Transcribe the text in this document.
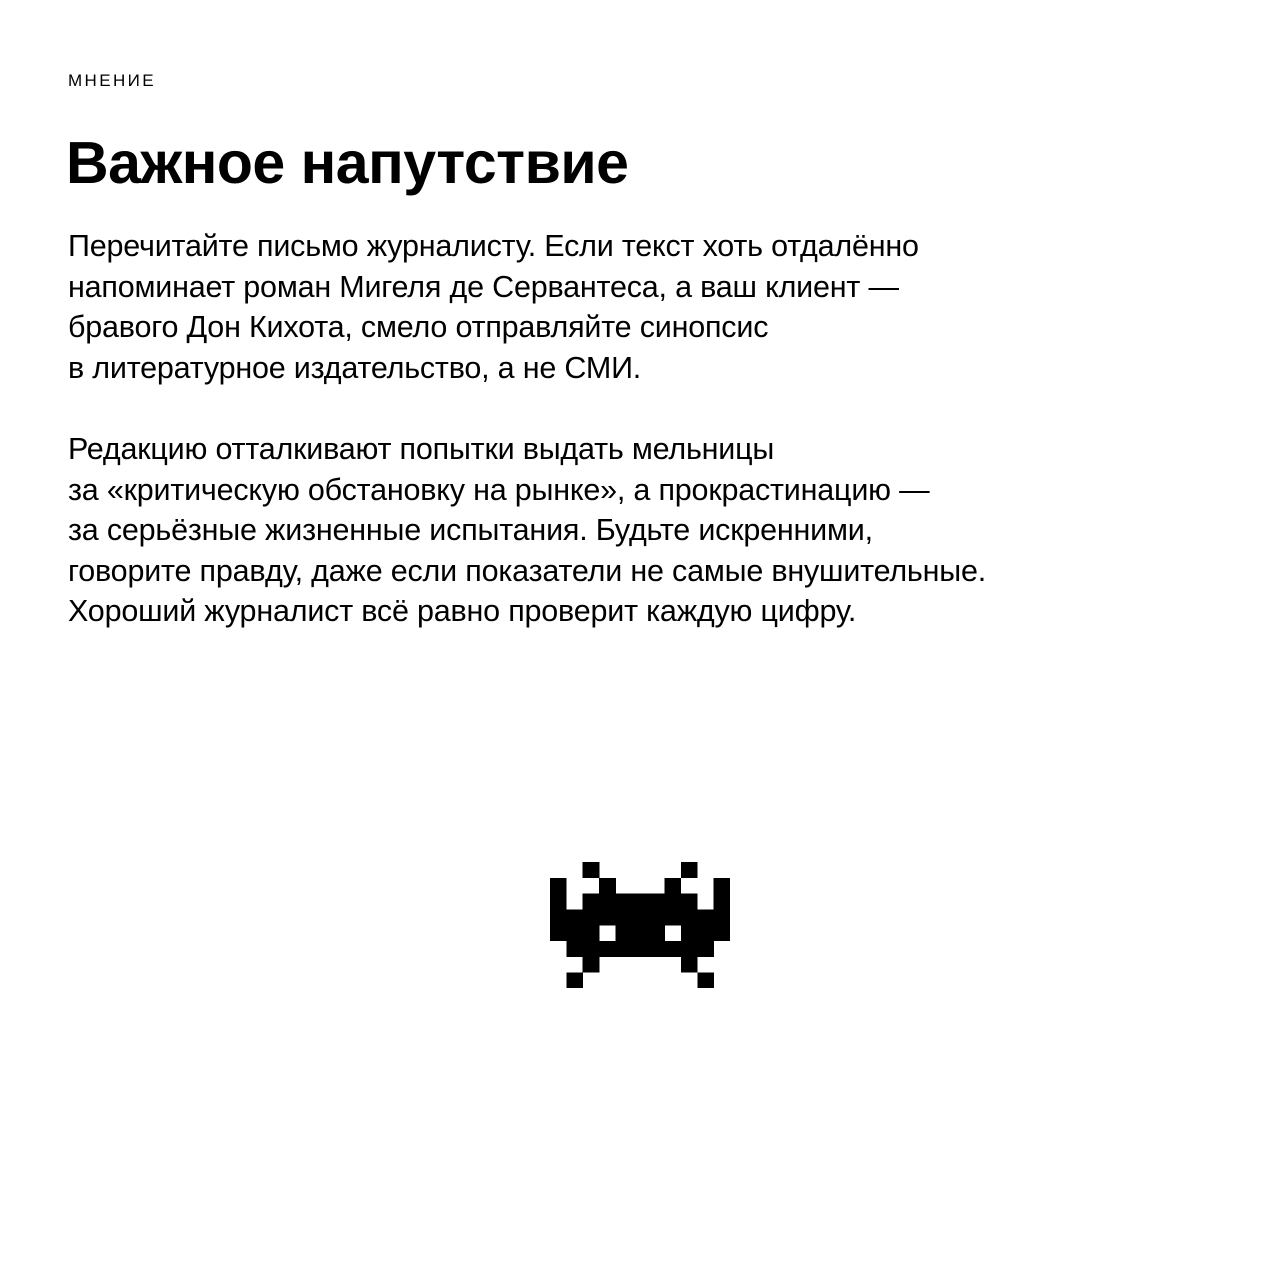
МНЕНИЕ
Важное напутствие

Перечитайте письмо журналисту. Если текст хоть отдалённо
напоминает роман Мигеля де Сервантеса, а ваш клиент —
бравого Дон Кихота, смело отправляйте синопсис
в литературное издательство, а не СМИ.

Редакцию отталкивают попытки выдать мельницы
за «критическую обстановку на рынке», а прокрастинацию —
за серьёзные жизненные испытания. Будьте искренними,
говорите правду, даже если показатели не самые внушительные.
Хороший журналист всё равно проверит каждую цифру.
